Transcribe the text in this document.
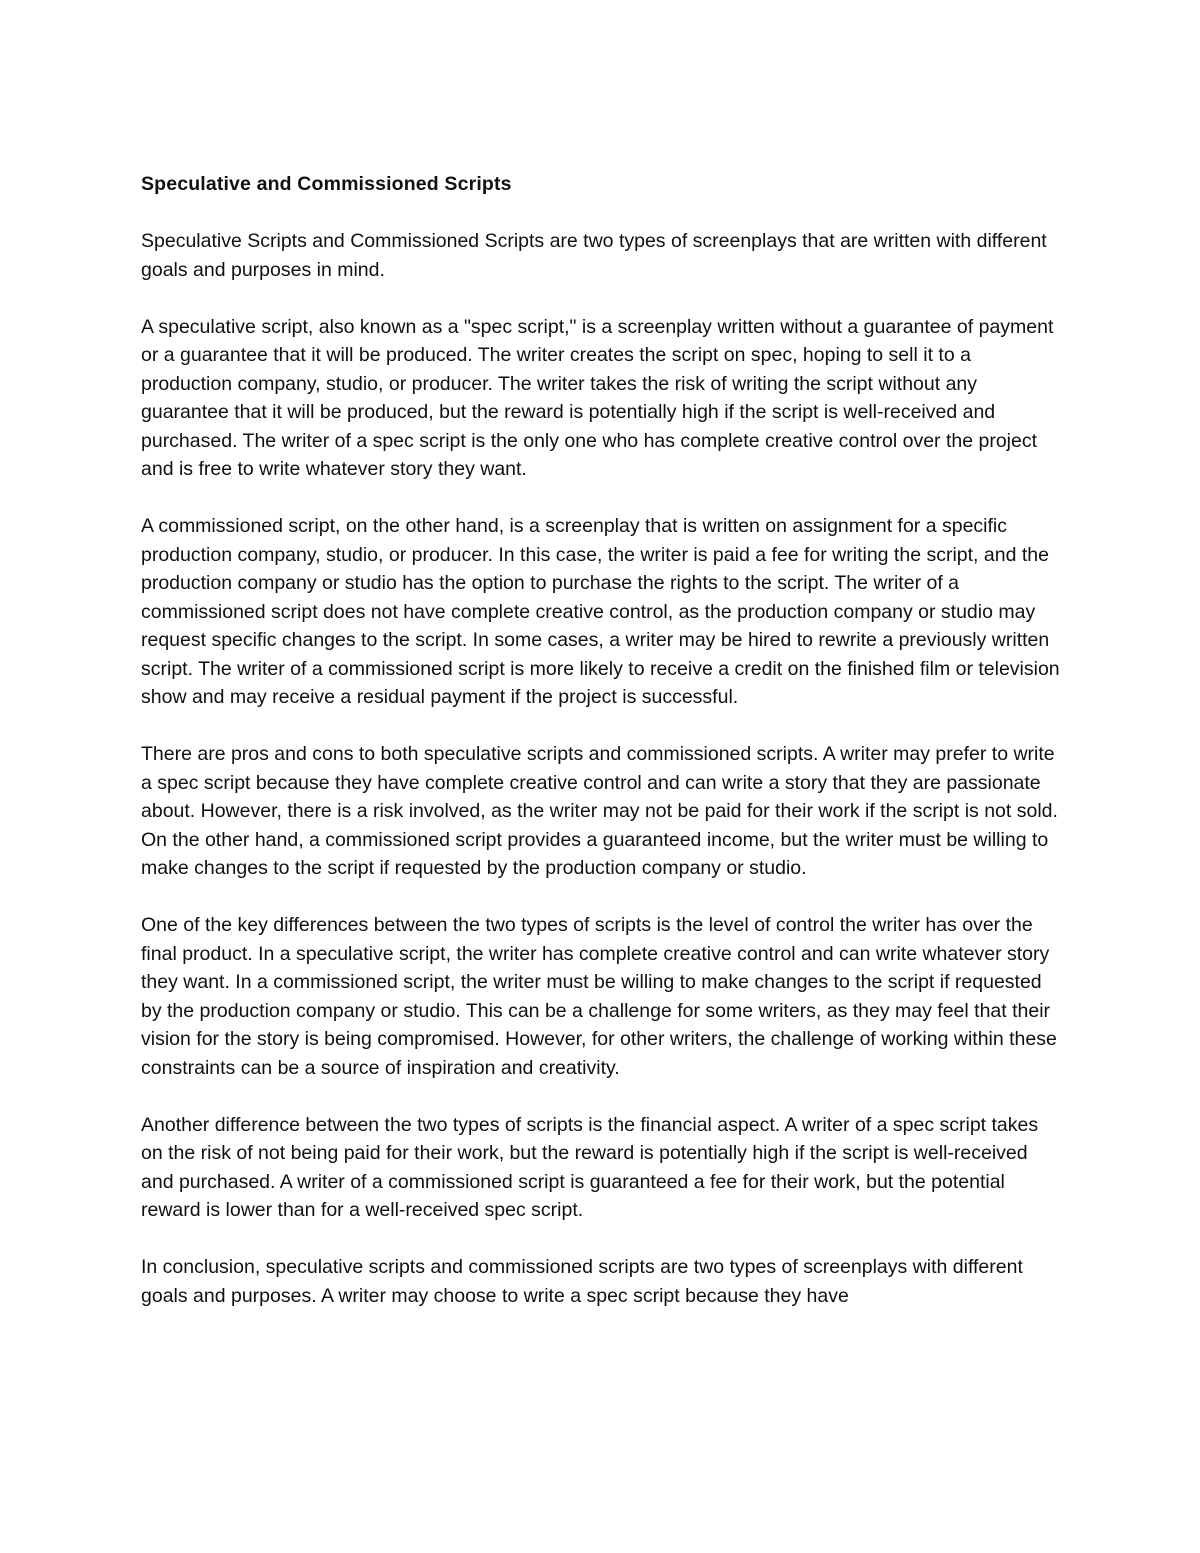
Speculative and Commissioned Scripts

Speculative Scripts and Commissioned Scripts are two types of screenplays that are written with different goals and purposes in mind.

A speculative script, also known as a "spec script," is a screenplay written without a guarantee of payment or a guarantee that it will be produced. The writer creates the script on spec, hoping to sell it to a production company, studio, or producer. The writer takes the risk of writing the script without any guarantee that it will be produced, but the reward is potentially high if the script is well-received and purchased. The writer of a spec script is the only one who has complete creative control over the project and is free to write whatever story they want.

A commissioned script, on the other hand, is a screenplay that is written on assignment for a specific production company, studio, or producer. In this case, the writer is paid a fee for writing the script, and the production company or studio has the option to purchase the rights to the script. The writer of a commissioned script does not have complete creative control, as the production company or studio may request specific changes to the script. In some cases, a writer may be hired to rewrite a previously written script. The writer of a commissioned script is more likely to receive a credit on the finished film or television show and may receive a residual payment if the project is successful.

There are pros and cons to both speculative scripts and commissioned scripts. A writer may prefer to write a spec script because they have complete creative control and can write a story that they are passionate about. However, there is a risk involved, as the writer may not be paid for their work if the script is not sold. On the other hand, a commissioned script provides a guaranteed income, but the writer must be willing to make changes to the script if requested by the production company or studio.

One of the key differences between the two types of scripts is the level of control the writer has over the final product. In a speculative script, the writer has complete creative control and can write whatever story they want. In a commissioned script, the writer must be willing to make changes to the script if requested by the production company or studio. This can be a challenge for some writers, as they may feel that their vision for the story is being compromised. However, for other writers, the challenge of working within these constraints can be a source of inspiration and creativity.

Another difference between the two types of scripts is the financial aspect. A writer of a spec script takes on the risk of not being paid for their work, but the reward is potentially high if the script is well-received and purchased. A writer of a commissioned script is guaranteed a fee for their work, but the potential reward is lower than for a well-received spec script.

In conclusion, speculative scripts and commissioned scripts are two types of screenplays with different goals and purposes. A writer may choose to write a spec script because they have
